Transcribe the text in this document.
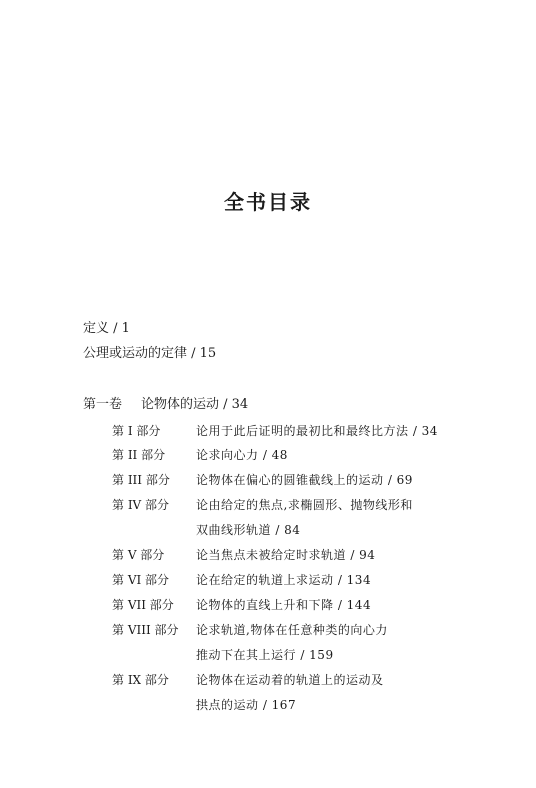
全书目录
定义 / 1
公理或运动的定律 / 15
第一卷 论物体的运动 / 34
第 I 部分	论用于此后证明的最初比和最终比方法 / 34
第 II 部分	论求向心力 / 48
第 III 部分 论物体在偏心的圆锥截线上的运动 / 69
第 IV 部分 论由给定的焦点,求椭圆形、抛物线形和
双曲线形轨道 / 84
第 V 部分	论当焦点未被给定时求轨道 / 94
第 VI 部分 论在给定的轨道上求运动 / 134
第 VII 部分 论物体的直线上升和下降 / 144
第 VIII 部分 论求轨道,物体在任意种类的向心力
推动下在其上运行 / 159
第 IX 部分 论物体在运动着的轨道上的运动及
拱点的运动 / 167
